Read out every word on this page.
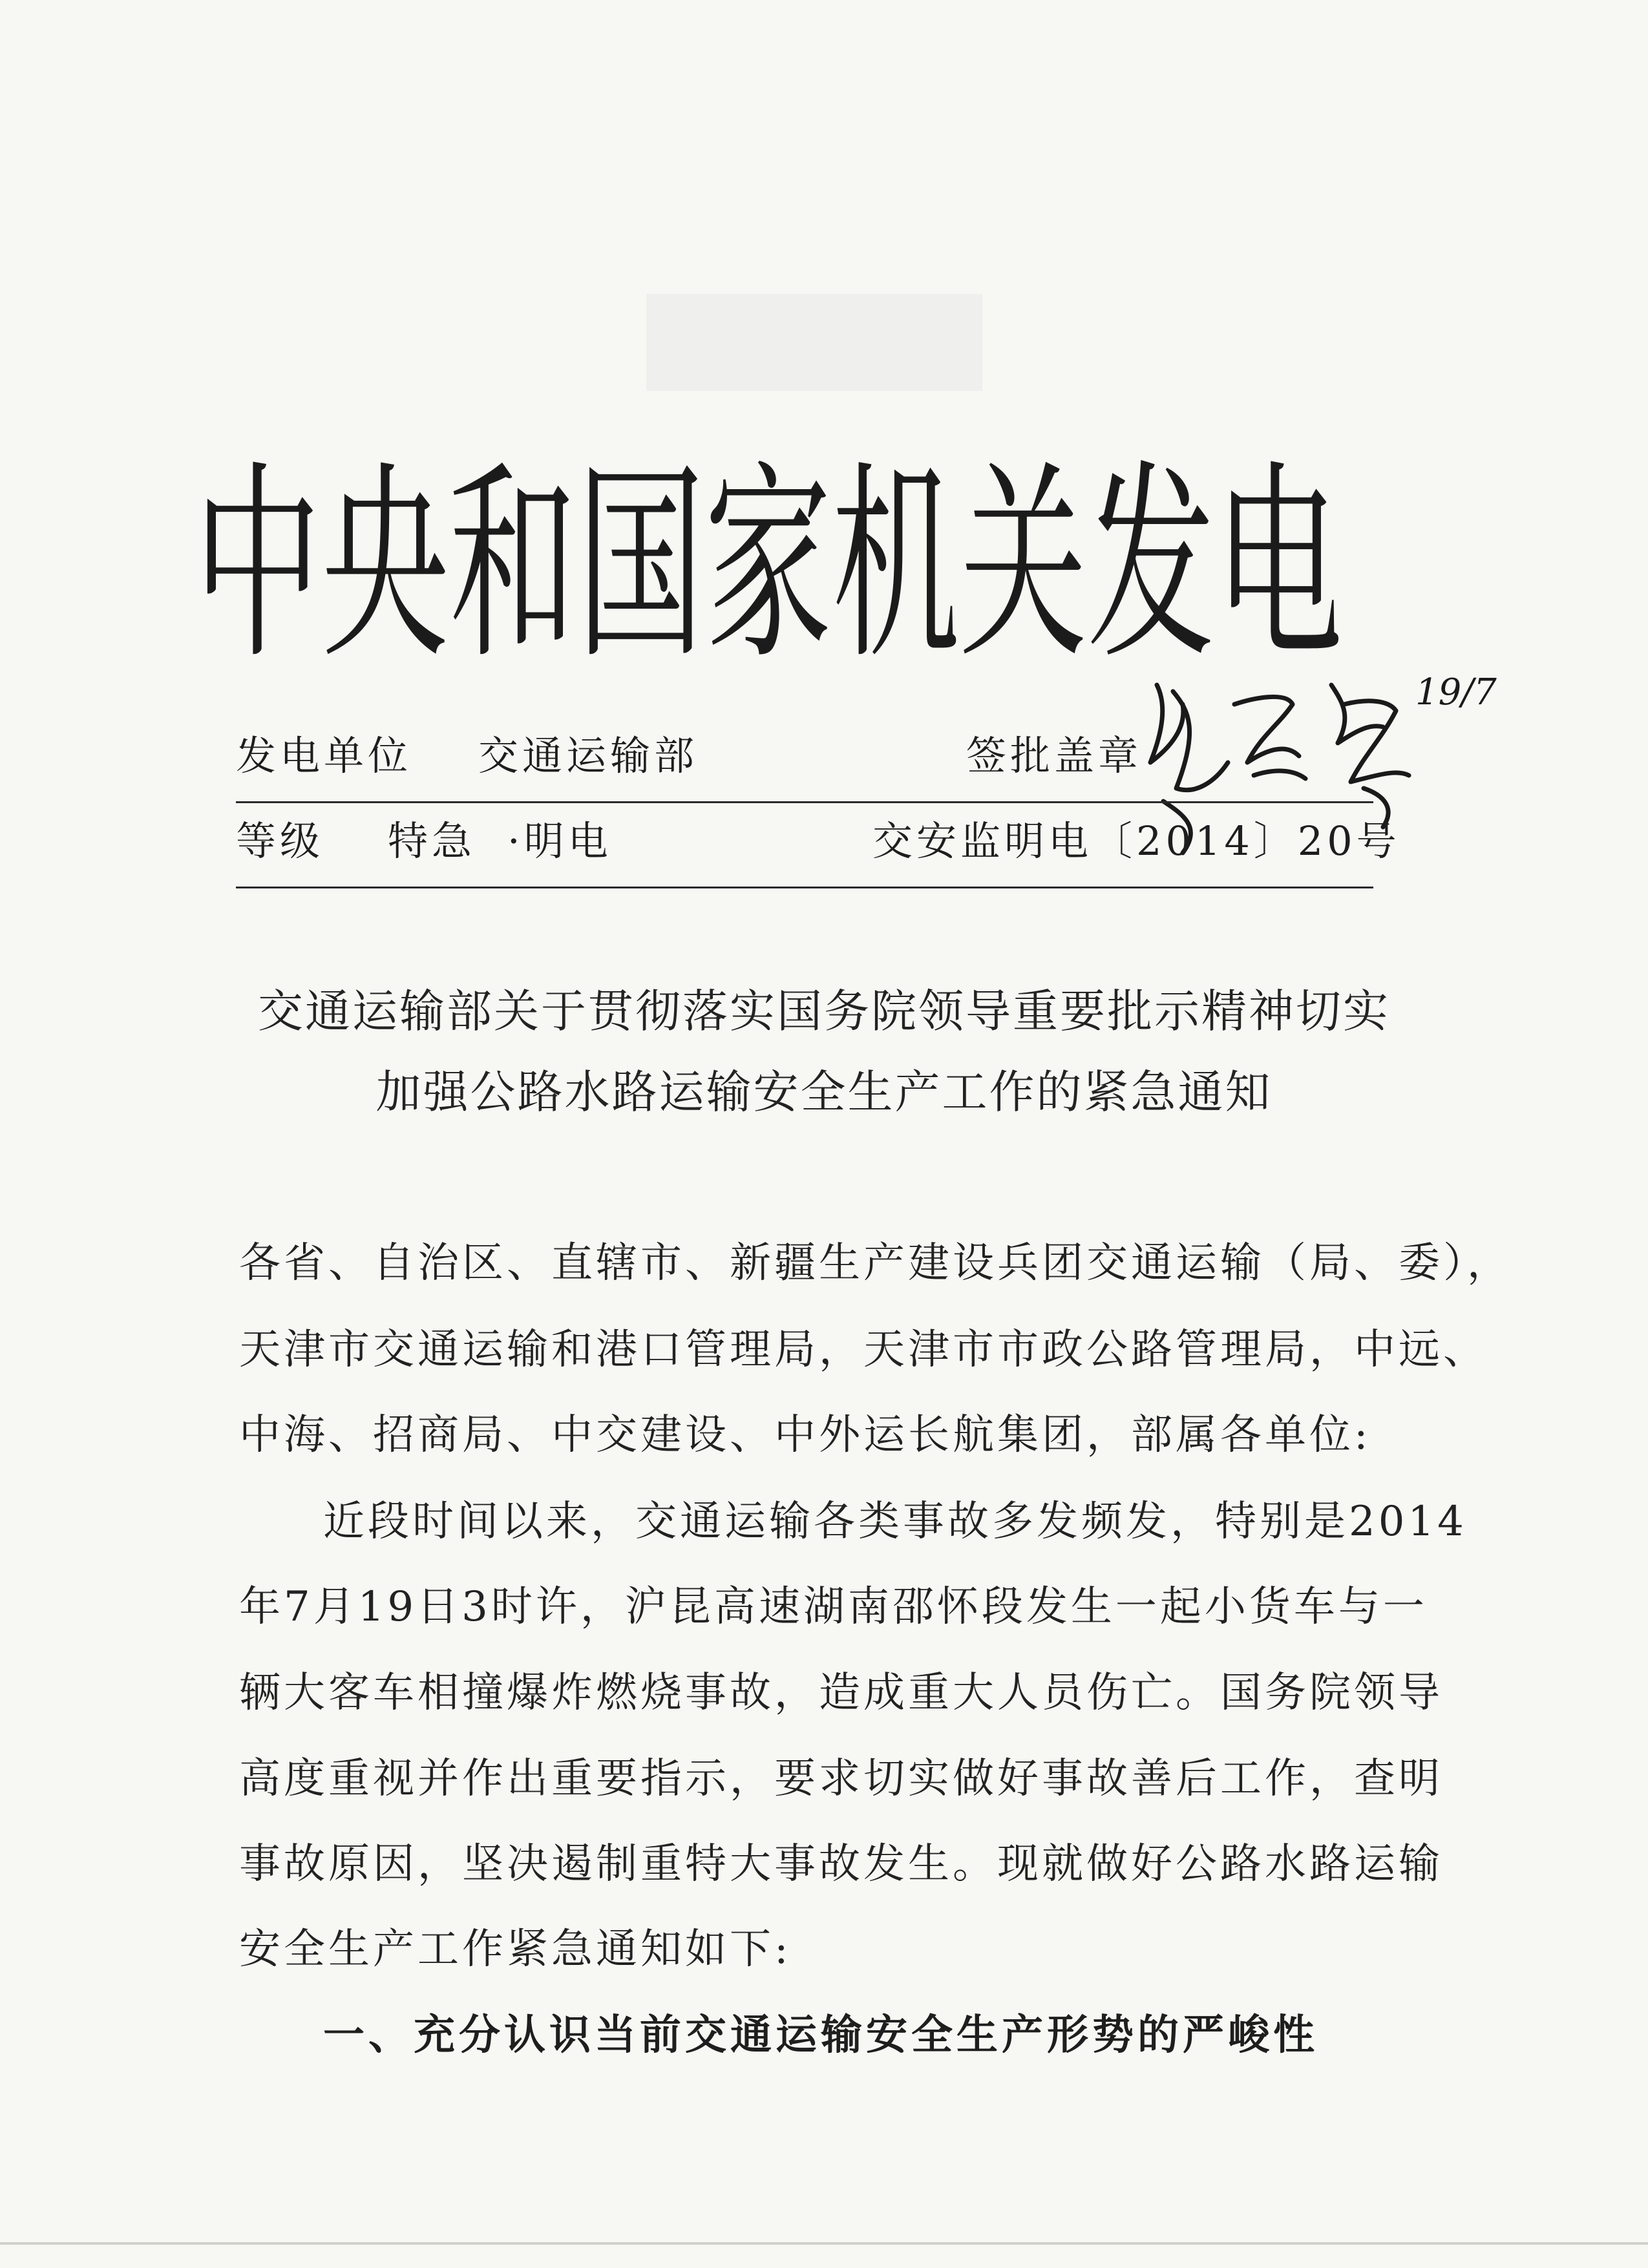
中央和国家机关发电
发电单位 交通运输部	签批盖章
19/7
等级 特急 ·明电	交安监明电〔2014〕20号
交通运输部关于贯彻落实国务院领导重要批示精神切实
加强公路水路运输安全生产工作的紧急通知
各省、自治区、直辖市、新疆生产建设兵团交通运输（局、委），
天津市交通运输和港口管理局，天津市市政公路管理局，中远、
中海、招商局、中交建设、中外运长航集团，部属各单位:
近段时间以来，交通运输各类事故多发频发，特别是2014
年7月19日3时许，沪昆高速湖南邵怀段发生一起小货车与一
辆大客车相撞爆炸燃烧事故，造成重大人员伤亡。国务院领导
高度重视并作出重要指示，要求切实做好事故善后工作，查明
事故原因，坚决遏制重特大事故发生。现就做好公路水路运输
安全生产工作紧急通知如下:
一、充分认识当前交通运输安全生产形势的严峻性
